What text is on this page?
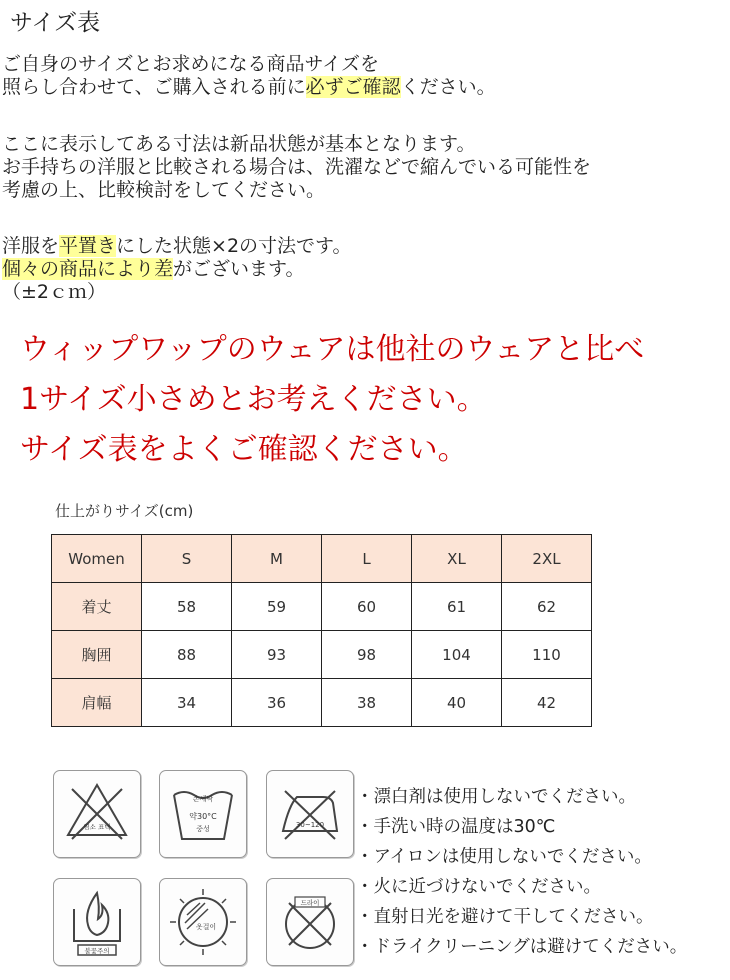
サイズ表
ご自身のサイズとお求めになる商品サイズを
照らし合わせて、ご購入される前に必ずご確認ください。
ここに表示してある寸法は新品状態が基本となります。
お手持ちの洋服と比較される場合は、洗濯などで縮んでいる可能性を
考慮の上、比較検討をしてください。
洋服を平置きにした状態×2の寸法です。
個々の商品により差がございます。
（±2ｃｍ）
ウィップワップのウェアは他社のウェアと比べ
1サイズ小さめとお考えください。
サイズ表をよくご確認ください。
仕上がりサイズ(cm)
Women	S	M	L	XL	2XL
着丈	58	59	60	61	62
胸囲	88	93	98	104	110
肩幅	34	36	38	40	42
염소 표백
손세탁
약30°C
중성	30~120
불꽃주의
옷걸이
드라이
・漂白剤は使用しないでください。
・手洗い時の温度は30℃
・アイロンは使用しないでください。
・火に近づけないでください。
・直射日光を避けて干してください。
・ドライクリーニングは避けてください。
